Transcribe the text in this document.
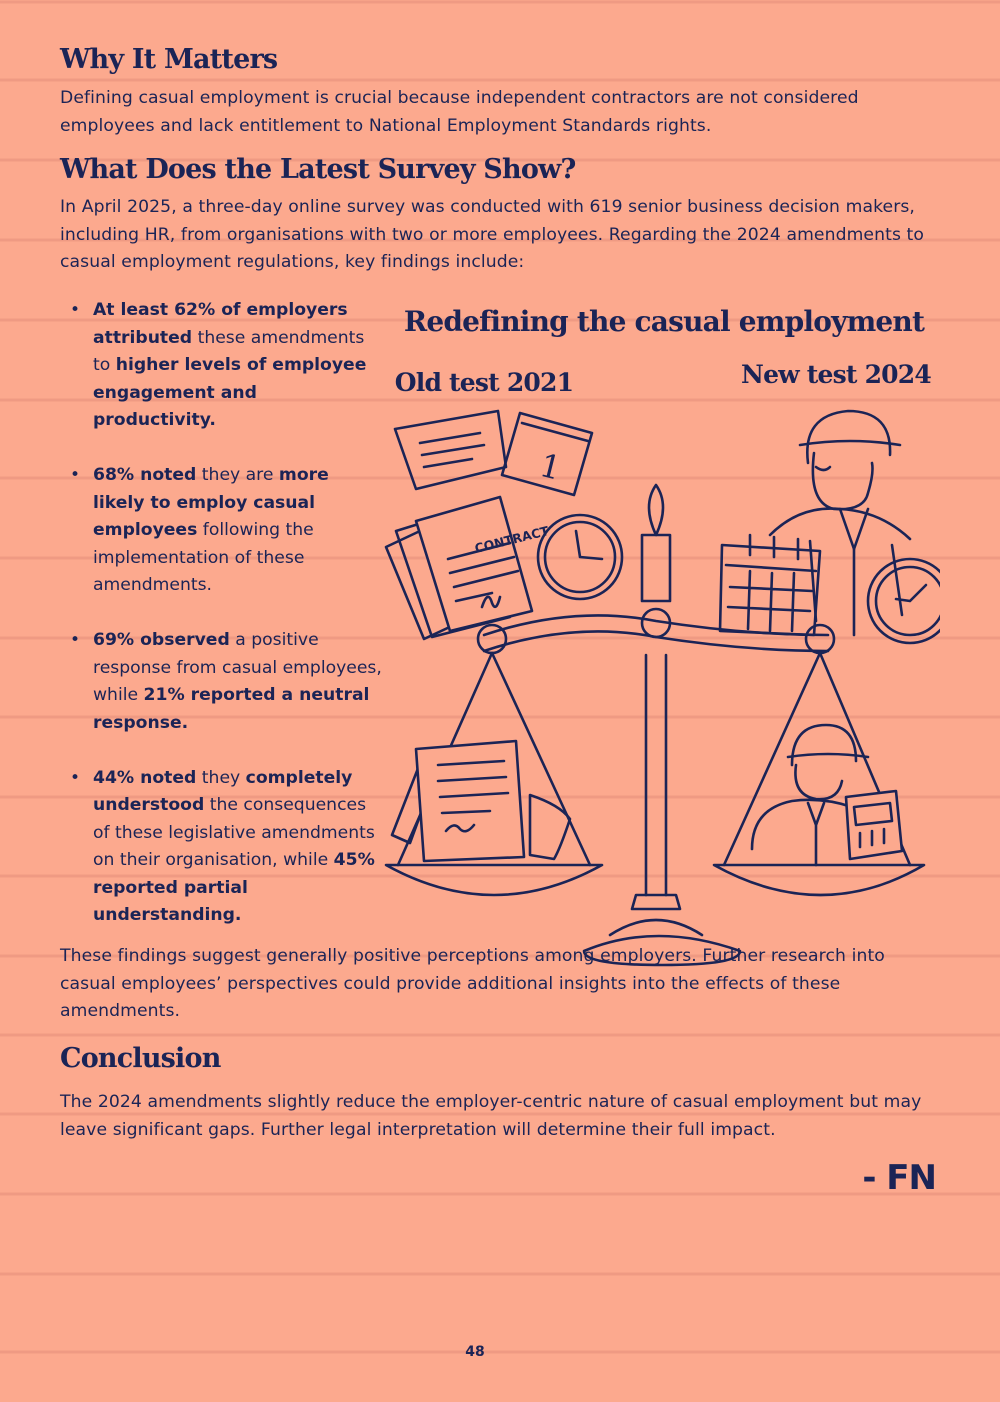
Why It Matters

Defining casual employment is crucial because independent contractors are not considered employees and lack entitlement to National Employment Standards rights.

What Does the Latest Survey Show?

In April 2025, a three-day online survey was conducted with 619 senior business decision makers, including HR, from organisations with two or more employees. Regarding the 2024 amendments to casual employment regulations, key findings include:

• At least 62% of employers attributed these amendments to higher levels of employee engagement and productivity.
• 68% noted they are more likely to employ casual employees following the implementation of these amendments.
• 69% observed a positive response from casual employees, while 21% reported a neutral response.
• 44% noted they completely understood the consequences of these legislative amendments on their organisation, while 45% reported partial understanding.
Redefining the casual employment
Old test 2021	New test 2024
CONTRACT
1

These findings suggest generally positive perceptions among employers. Further research into casual employees’ perspectives could provide additional insights into the effects of these amendments.

Conclusion

The 2024 amendments slightly reduce the employer-centric nature of casual employment but may leave significant gaps. Further legal interpretation will determine their full impact.

- FN

48
